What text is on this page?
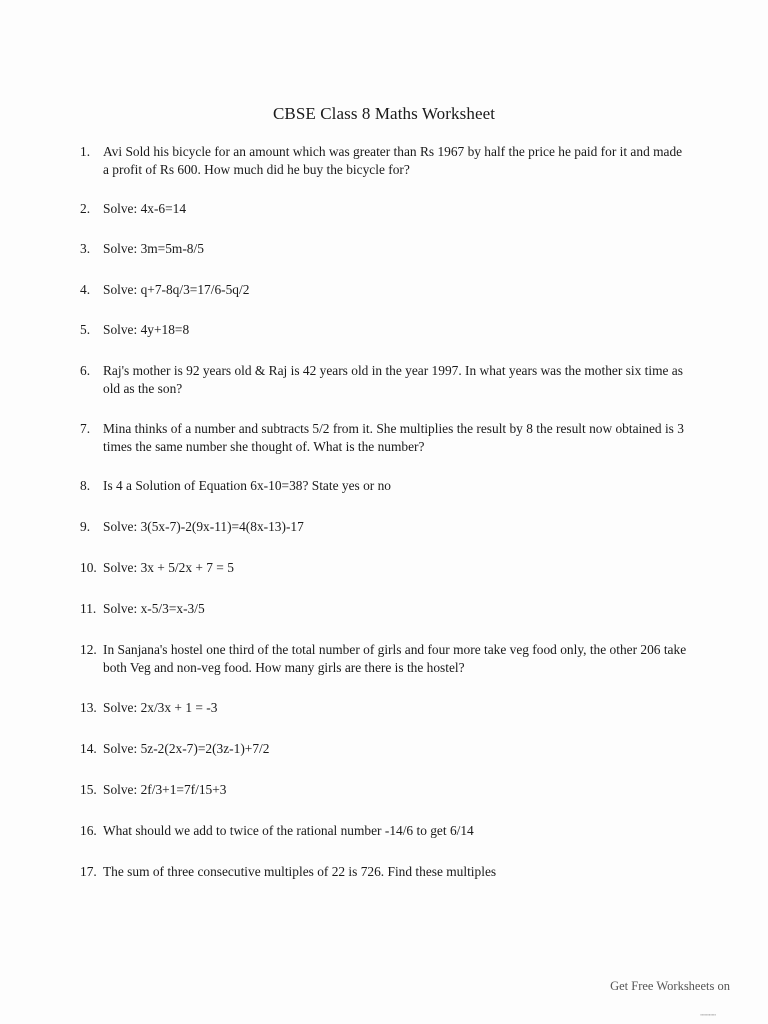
CBSE Class 8 Maths Worksheet
1. Avi Sold his bicycle for an amount which was greater than Rs 1967 by half the price he paid for it and made a profit of Rs 600. How much did he buy the bicycle for?
2. Solve: 4x-6=14
3. Solve: 3m=5m-8/5
4. Solve: q+7-8q/3=17/6-5q/2
5. Solve: 4y+18=8
6. Raj's mother is 92 years old & Raj is 42 years old in the year 1997. In what years was the mother six time as old as the son?
7. Mina thinks of a number and subtracts 5/2 from it. She multiplies the result by 8 the result now obtained is 3 times the same number she thought of. What is the number?
8. Is 4 a Solution of Equation 6x-10=38? State yes or no
9. Solve: 3(5x-7)-2(9x-11)=4(8x-13)-17
10. Solve: 3x + 5/2x + 7 = 5
11. Solve: x-5/3=x-3/5
12. In Sanjana's hostel one third of the total number of girls and four more take veg food only, the other 206 take both Veg and non-veg food. How many girls are there is the hostel?
13. Solve: 2x/3x + 1 = -3
14. Solve: 5z-2(2x-7)=2(3z-1)+7/2
15. Solve: 2f/3+1=7f/15+3
16. What should we add to twice of the rational number -14/6 to get 6/14
17. The sum of three consecutive multiples of 22 is 726. Find these multiples
Get Free Worksheets on
▪▪▪▪▪▪▪▪▪▪▪
